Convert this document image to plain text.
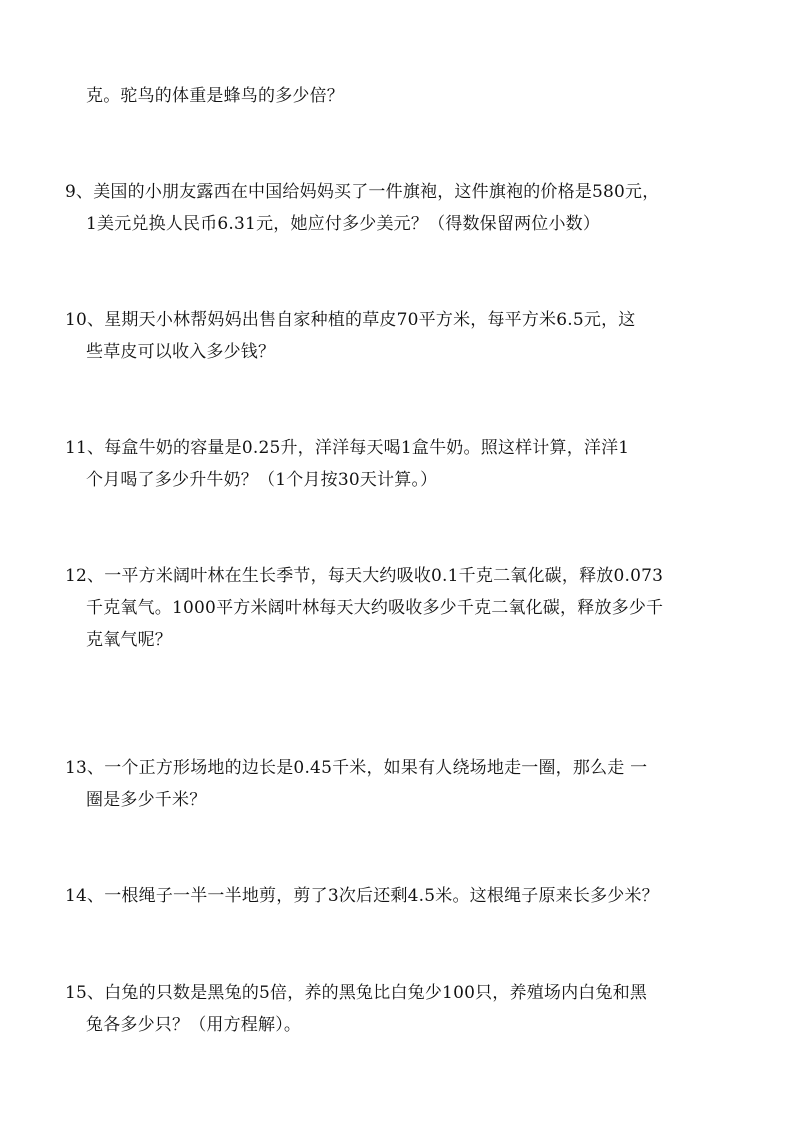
克。驼鸟的体重是蜂鸟的多少倍？
9、美国的小朋友露西在中国给妈妈买了一件旗袍，这件旗袍的价格是580元，
1美元兑换人民币6.31元，她应付多少美元？（得数保留两位小数）
10、星期天小林帮妈妈出售自家种植的草皮70平方米，每平方米6.5元，这
些草皮可以收入多少钱？
11、每盒牛奶的容量是0.25升，洋洋每天喝1盒牛奶。照这样计算，洋洋1
个月喝了多少升牛奶？（1个月按30天计算。）
12、一平方米阔叶林在生长季节，每天大约吸收0.1千克二氧化碳，释放0.073
千克氧气。1000平方米阔叶林每天大约吸收多少千克二氧化碳，释放多少千
克氧气呢？
13、一个正方形场地的边长是0.45千米，如果有人绕场地走一圈，那么走 一
圈是多少千米？
14、一根绳子一半一半地剪，剪了3次后还剩4.5米。这根绳子原来长多少米？
15、白兔的只数是黑兔的5倍，养的黑兔比白兔少100只，养殖场内白兔和黑
兔各多少只？（用方程解）。
